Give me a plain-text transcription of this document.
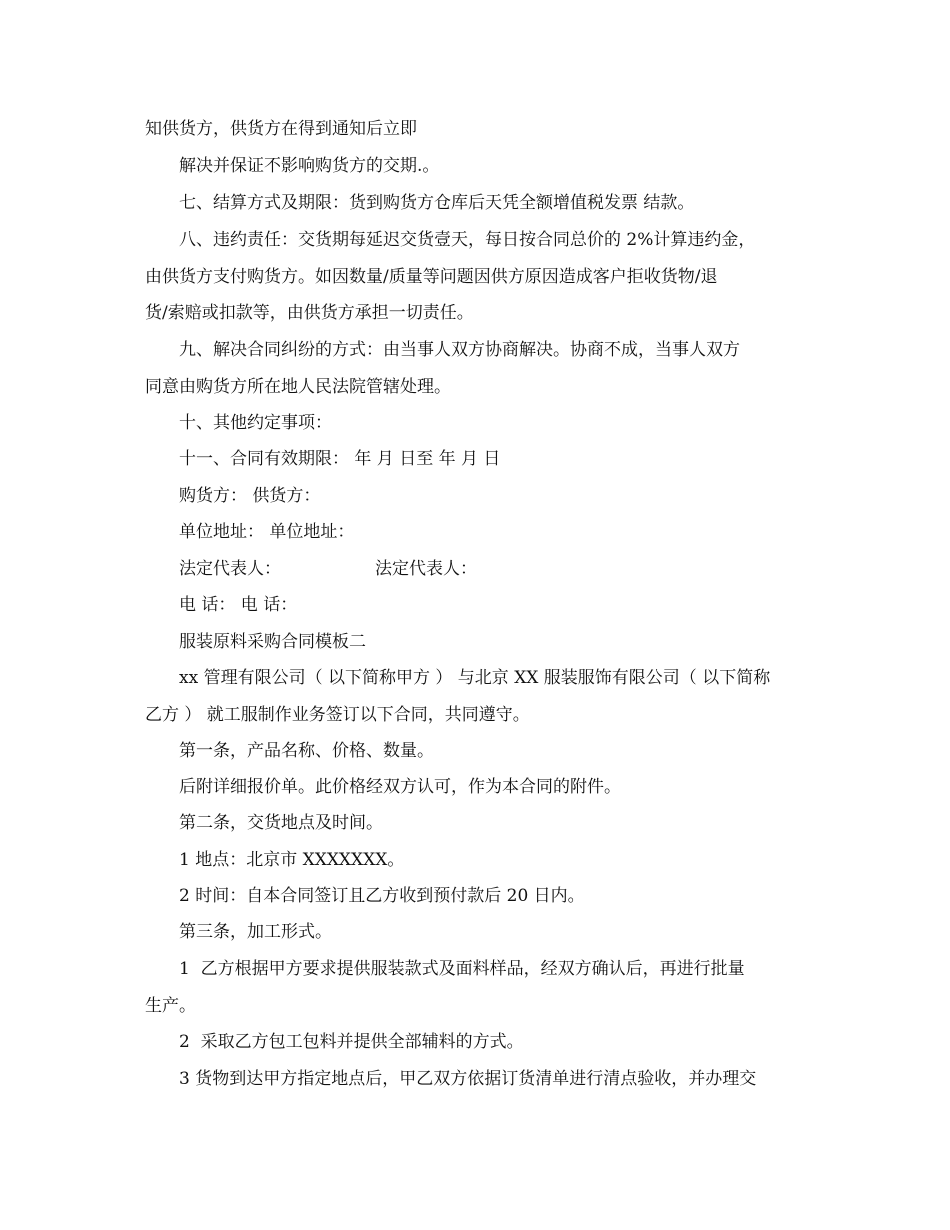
知供货方，供货方在得到通知后立即
解决并保证不影响购货方的交期.。
七、结算方式及期限：货到购货方仓库后天凭全额增值税发票 结款。
八、违约责任：交货期每延迟交货壹天，每日按合同总价的 2%计算违约金，
由供货方支付购货方。如因数量/质量等问题因供方原因造成客户拒收货物/退
货/索赔或扣款等，由供货方承担一切责任。
九、解决合同纠纷的方式：由当事人双方协商解决。协商不成，当事人双方
同意由购货方所在地人民法院管辖处理。
十、其他约定事项：
十一、合同有效期限： 年 月 日至 年 月 日
购货方： 供货方：
单位地址： 单位地址：
法定代表人：	法定代表人：
电 话： 电 话：
服装原料采购合同模板二
xx 管理有限公司（ 以下简称甲方 ） 与北京 XX 服装服饰有限公司（ 以下简称
乙方 ） 就工服制作业务签订以下合同，共同遵守。
第一条，产品名称、价格、数量。
后附详细报价单。此价格经双方认可，作为本合同的附件。
第二条，交货地点及时间。
1 地点：北京市 XXXXXXX。
2 时间：自本合同签订且乙方收到预付款后 20 日内。
第三条，加工形式。
1  乙方根据甲方要求提供服装款式及面料样品，经双方确认后，再进行批量
生产。
2  采取乙方包工包料并提供全部辅料的方式。
3 货物到达甲方指定地点后，甲乙双方依据订货清单进行清点验收，并办理交
